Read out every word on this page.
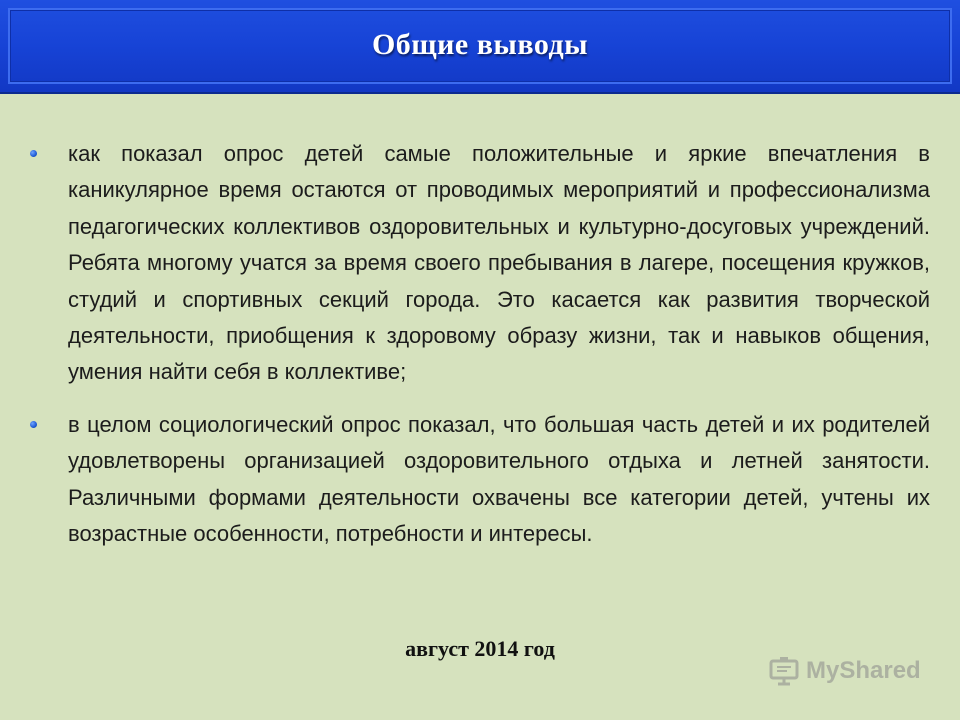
Общие выводы
как показал опрос детей самые положительные и яркие впечатления в каникулярное время остаются от проводимых мероприятий и профессионализма педагогических коллективов оздоровительных и культурно-досуговых учреждений. Ребята многому учатся за время своего пребывания в лагере, посещения кружков, студий и спортивных секций города. Это касается как развития творческой деятельности, приобщения к здоровому образу жизни, так и навыков общения, умения найти себя в коллективе;
в целом социологический опрос показал, что большая часть детей и их родителей удовлетворены организацией оздоровительного отдыха и летней занятости. Различными формами деятельности охвачены все категории детей, учтены их возрастные особенности, потребности и интересы.
август 2014 год
MyShared
